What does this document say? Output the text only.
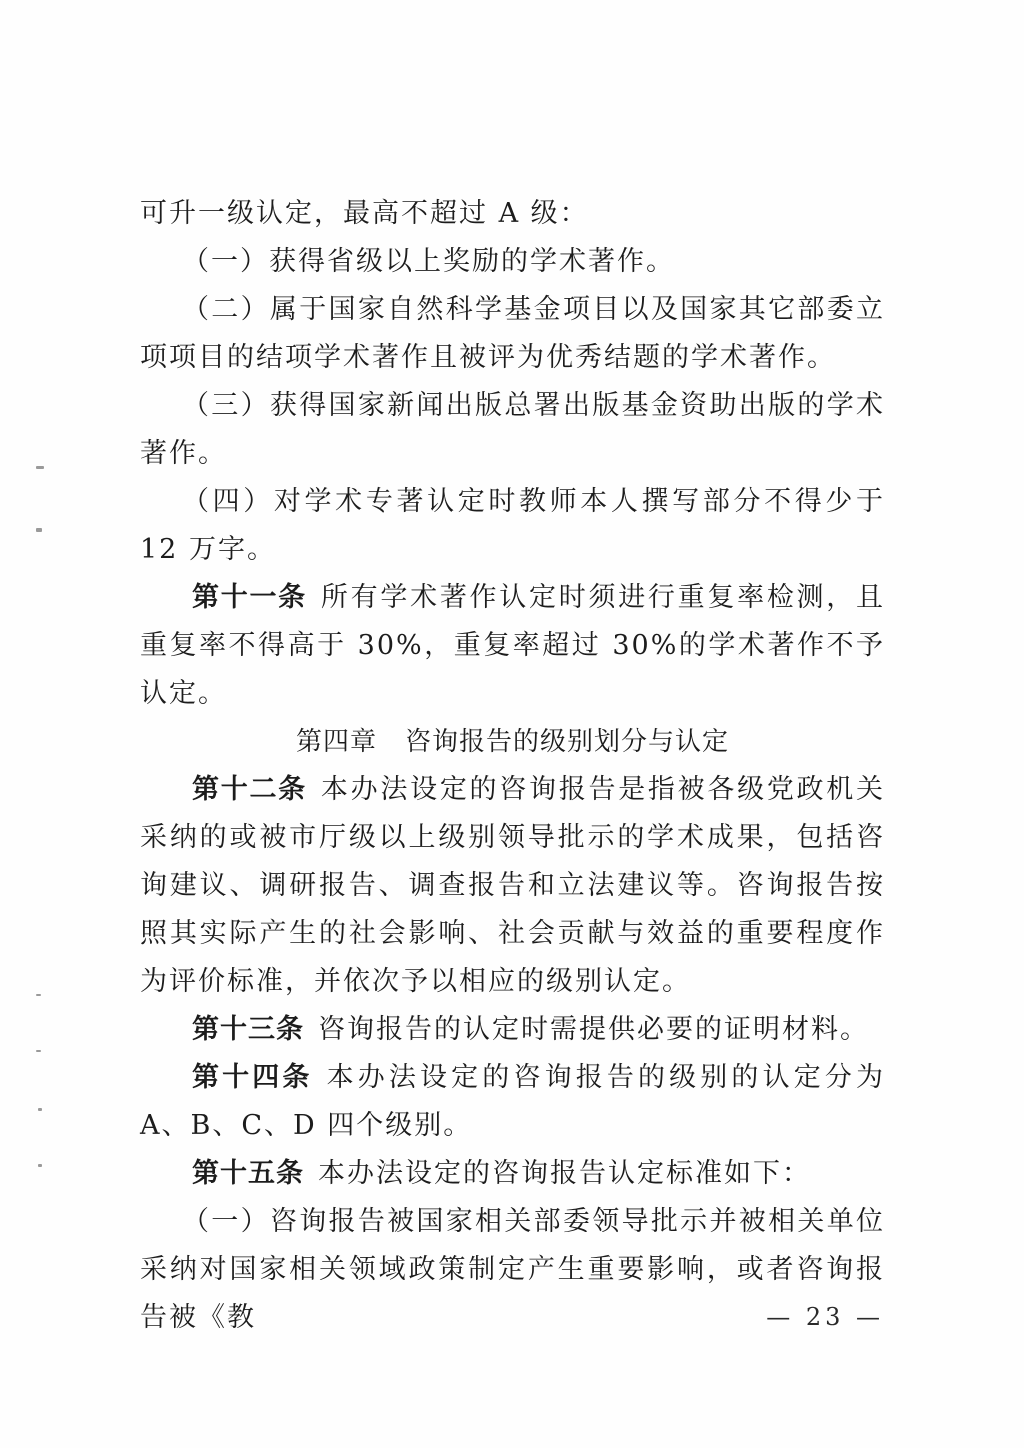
可升一级认定，最高不超过 A 级：

（一）获得省级以上奖励的学术著作。

（二）属于国家自然科学基金项目以及国家其它部委立项项目的结项学术著作且被评为优秀结题的学术著作。

（三）获得国家新闻出版总署出版基金资助出版的学术著作。

（四）对学术专著认定时教师本人撰写部分不得少于 12 万字。

第十一条 所有学术著作认定时须进行重复率检测，且重复率不得高于 30%，重复率超过 30%的学术著作不予认定。

第四章 咨询报告的级别划分与认定

第十二条 本办法设定的咨询报告是指被各级党政机关采纳的或被市厅级以上级别领导批示的学术成果，包括咨询建议、调研报告、调查报告和立法建议等。咨询报告按照其实际产生的社会影响、社会贡献与效益的重要程度作为评价标准，并依次予以相应的级别认定。

第十三条 咨询报告的认定时需提供必要的证明材料。

第十四条 本办法设定的咨询报告的级别的认定分为 A、B、C、D 四个级别。

第十五条 本办法设定的咨询报告认定标准如下：

（一）咨询报告被国家相关部委领导批示并被相关单位采纳对国家相关领域政策制定产生重要影响，或者咨询报告被《教	— 23 —
